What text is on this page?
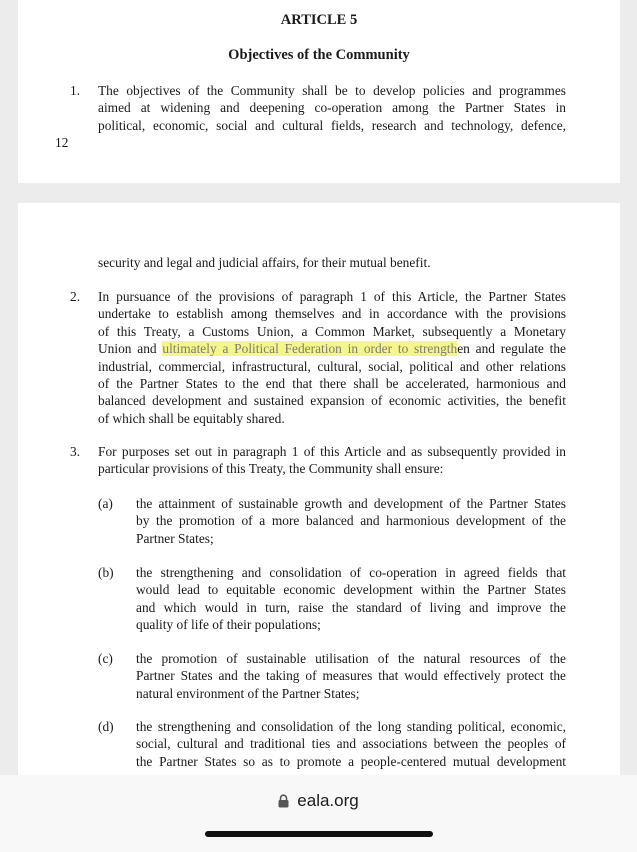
ARTICLE 5
Objectives of the Community
1. The objectives of the Community shall be to develop policies and programmes
aimed at widening and deepening co-operation among the Partner States in
political, economic, social and cultural fields, research and technology, defence,
12
security and legal and judicial affairs, for their mutual benefit.
2. In pursuance of the provisions of paragraph 1 of this Article, the Partner States
undertake to establish among themselves and in accordance with the provisions
of this Treaty, a Customs Union, a Common Market, subsequently a Monetary
Union and ultimately a Political Federation in order to strengthen and regulate the
industrial, commercial, infrastructural, cultural, social, political and other relations
of the Partner States to the end that there shall be accelerated, harmonious and
balanced development and sustained expansion of economic activities, the benefit
of which shall be equitably shared.
3. For purposes set out in paragraph 1 of this Article and as subsequently provided in
particular provisions of this Treaty, the Community shall ensure:
(a) the attainment of sustainable growth and development of the Partner States
by the promotion of a more balanced and harmonious development of the
Partner States;
(b) the strengthening and consolidation of co-operation in agreed fields that
would lead to equitable economic development within the Partner States
and which would in turn, raise the standard of living and improve the
quality of life of their populations;
(c) the promotion of sustainable utilisation of the natural resources of the
Partner States and the taking of measures that would effectively protect the
natural environment of the Partner States;
(d) the strengthening and consolidation of the long standing political, economic,
social, cultural and traditional ties and associations between the peoples of
the Partner States so as to promote a people-centered mutual development
eala.org
